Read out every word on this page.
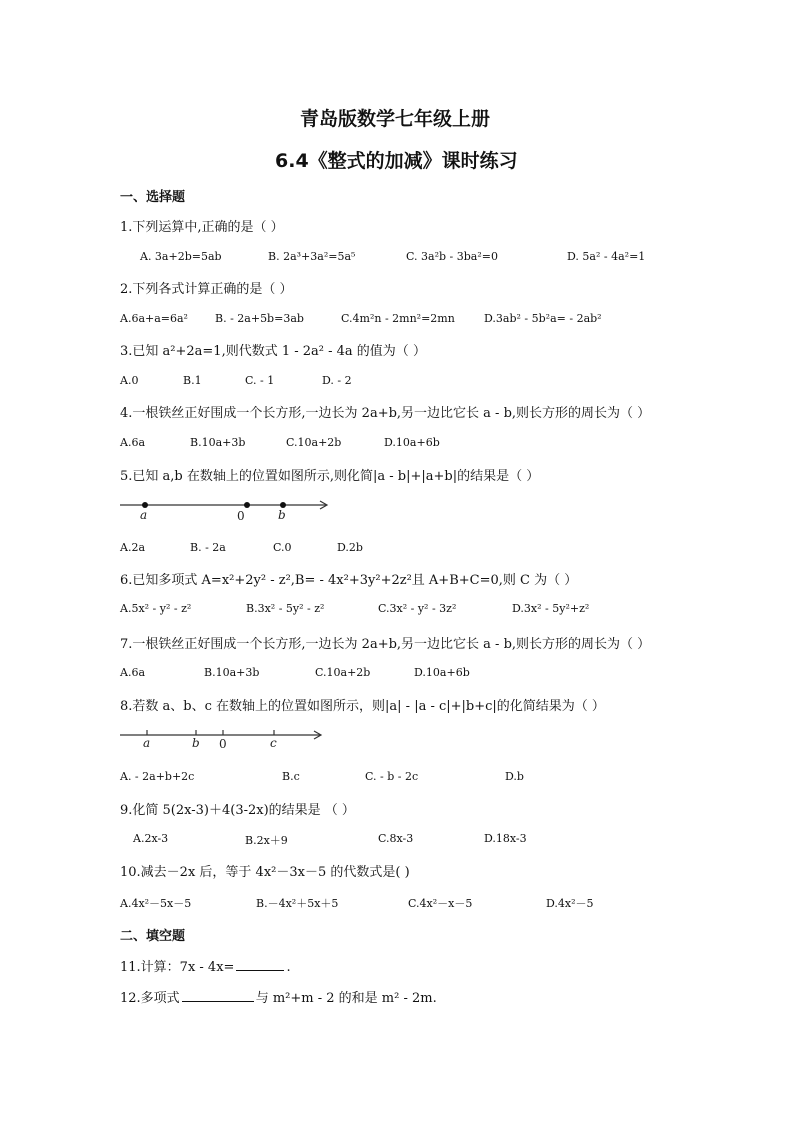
青岛版数学七年级上册
6.4《整式的加减》课时练习
一、选择题
1.下列运算中,正确的是（ ）
A. 3a+2b=5ab	B. 2a³+3a²=5a⁵	C. 3a²b - 3ba²=0	D. 5a² - 4a²=1
2.下列各式计算正确的是（ ）
A.6a+a=6a² B. - 2a+5b=3ab	C.4m²n - 2mn²=2mn	D.3ab² - 5b²a= - 2ab²
3.已知 a²+2a=1,则代数式 1 - 2a² - 4a 的值为（ ）
A.0	B.1	C. - 1	D. - 2
4.一根铁丝正好围成一个长方形,一边长为 2a+b,另一边比它长 a - b,则长方形的周长为（ ）
A.6a	B.10a+3b	C.10a+2b	D.10a+6b
5.已知 a,b 在数轴上的位置如图所示,则化简|a - b|+|a+b|的结果是（ ）
a	0	b
A.2a	B. - 2a	C.0	D.2b
6.已知多项式 A=x²+2y² - z²,B= - 4x²+3y²+2z²且 A+B+C=0,则 C 为（ ）
A.5x² - y² - z²	B.3x² - 5y² - z²	C.3x² - y² - 3z²	D.3x² - 5y²+z²
7.一根铁丝正好围成一个长方形,一边长为 2a+b,另一边比它长 a - b,则长方形的周长为（ ）
A.6a	B.10a+3b	C.10a+2b	D.10a+6b
8.若数 a、b、c 在数轴上的位置如图所示，则|a| - |a - c|+|b+c|的化简结果为（ ）
a	b 0	c
A. - 2a+b+2c	B.c	C. - b - 2c	D.b
9.化简 5(2x-3)＋4(3-2x)的结果是 （ ）
A.2x-3	B.2x＋9	C.8x-3	D.18x-3
10.减去－2x 后，等于 4x²－3x－5 的代数式是( )
A.4x²－5x－5	B.－4x²＋5x＋5	C.4x²－x－5	D.4x²－5
二、填空题
11.计算：7x - 4x=	.
12.多项式	与 m²+m - 2 的和是 m² - 2m.
